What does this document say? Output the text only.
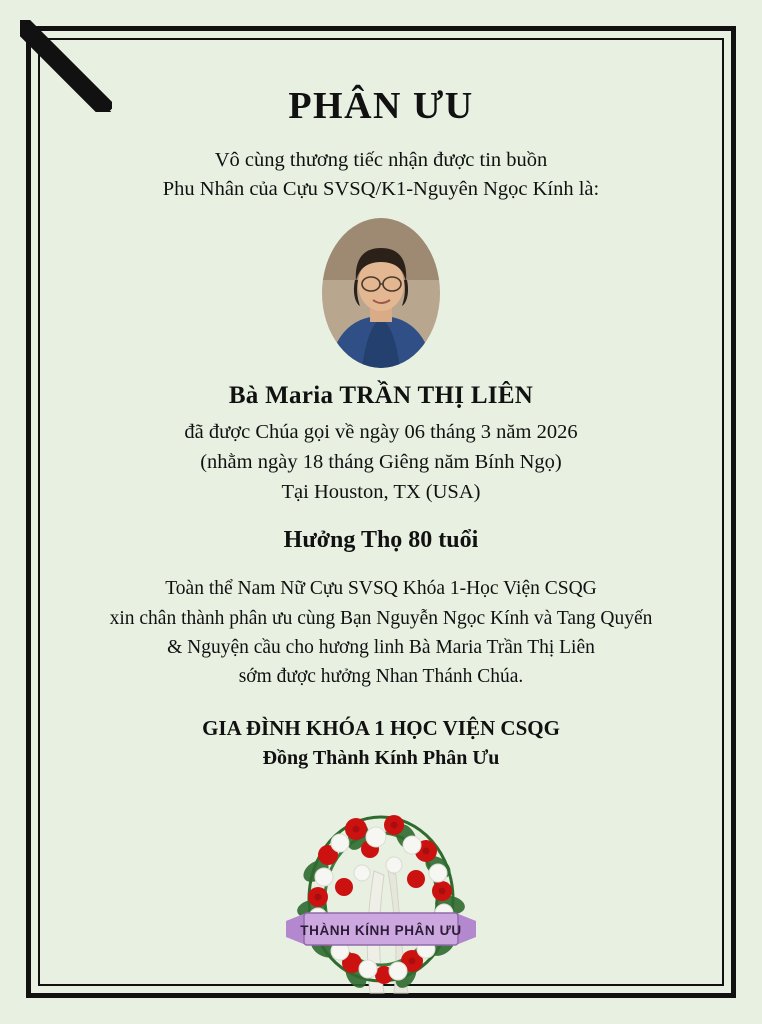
PHÂN ƯU
Vô cùng thương tiếc nhận được tin buồn
Phu Nhân của Cựu SVSQ/K1-Nguyên Ngọc Kính là:
Bà Maria TRẦN THỊ LIÊN
đã được Chúa gọi về ngày 06 tháng 3 năm 2026
(nhằm ngày 18 tháng Giêng năm Bính Ngọ)
Tại Houston, TX (USA)
Hưởng Thọ 80 tuổi
Toàn thể Nam Nữ Cựu SVSQ Khóa 1-Học Viện CSQG
xin chân thành phân ưu cùng Bạn Nguyễn Ngọc Kính và Tang Quyến
& Nguyện cầu cho hương linh Bà Maria Trần Thị Liên
sớm được hưởng Nhan Thánh Chúa.
GIA ĐÌNH KHÓA 1 HỌC VIỆN CSQG
Đồng Thành Kính Phân Ưu
THÀNH KÍNH PHÂN ƯU
